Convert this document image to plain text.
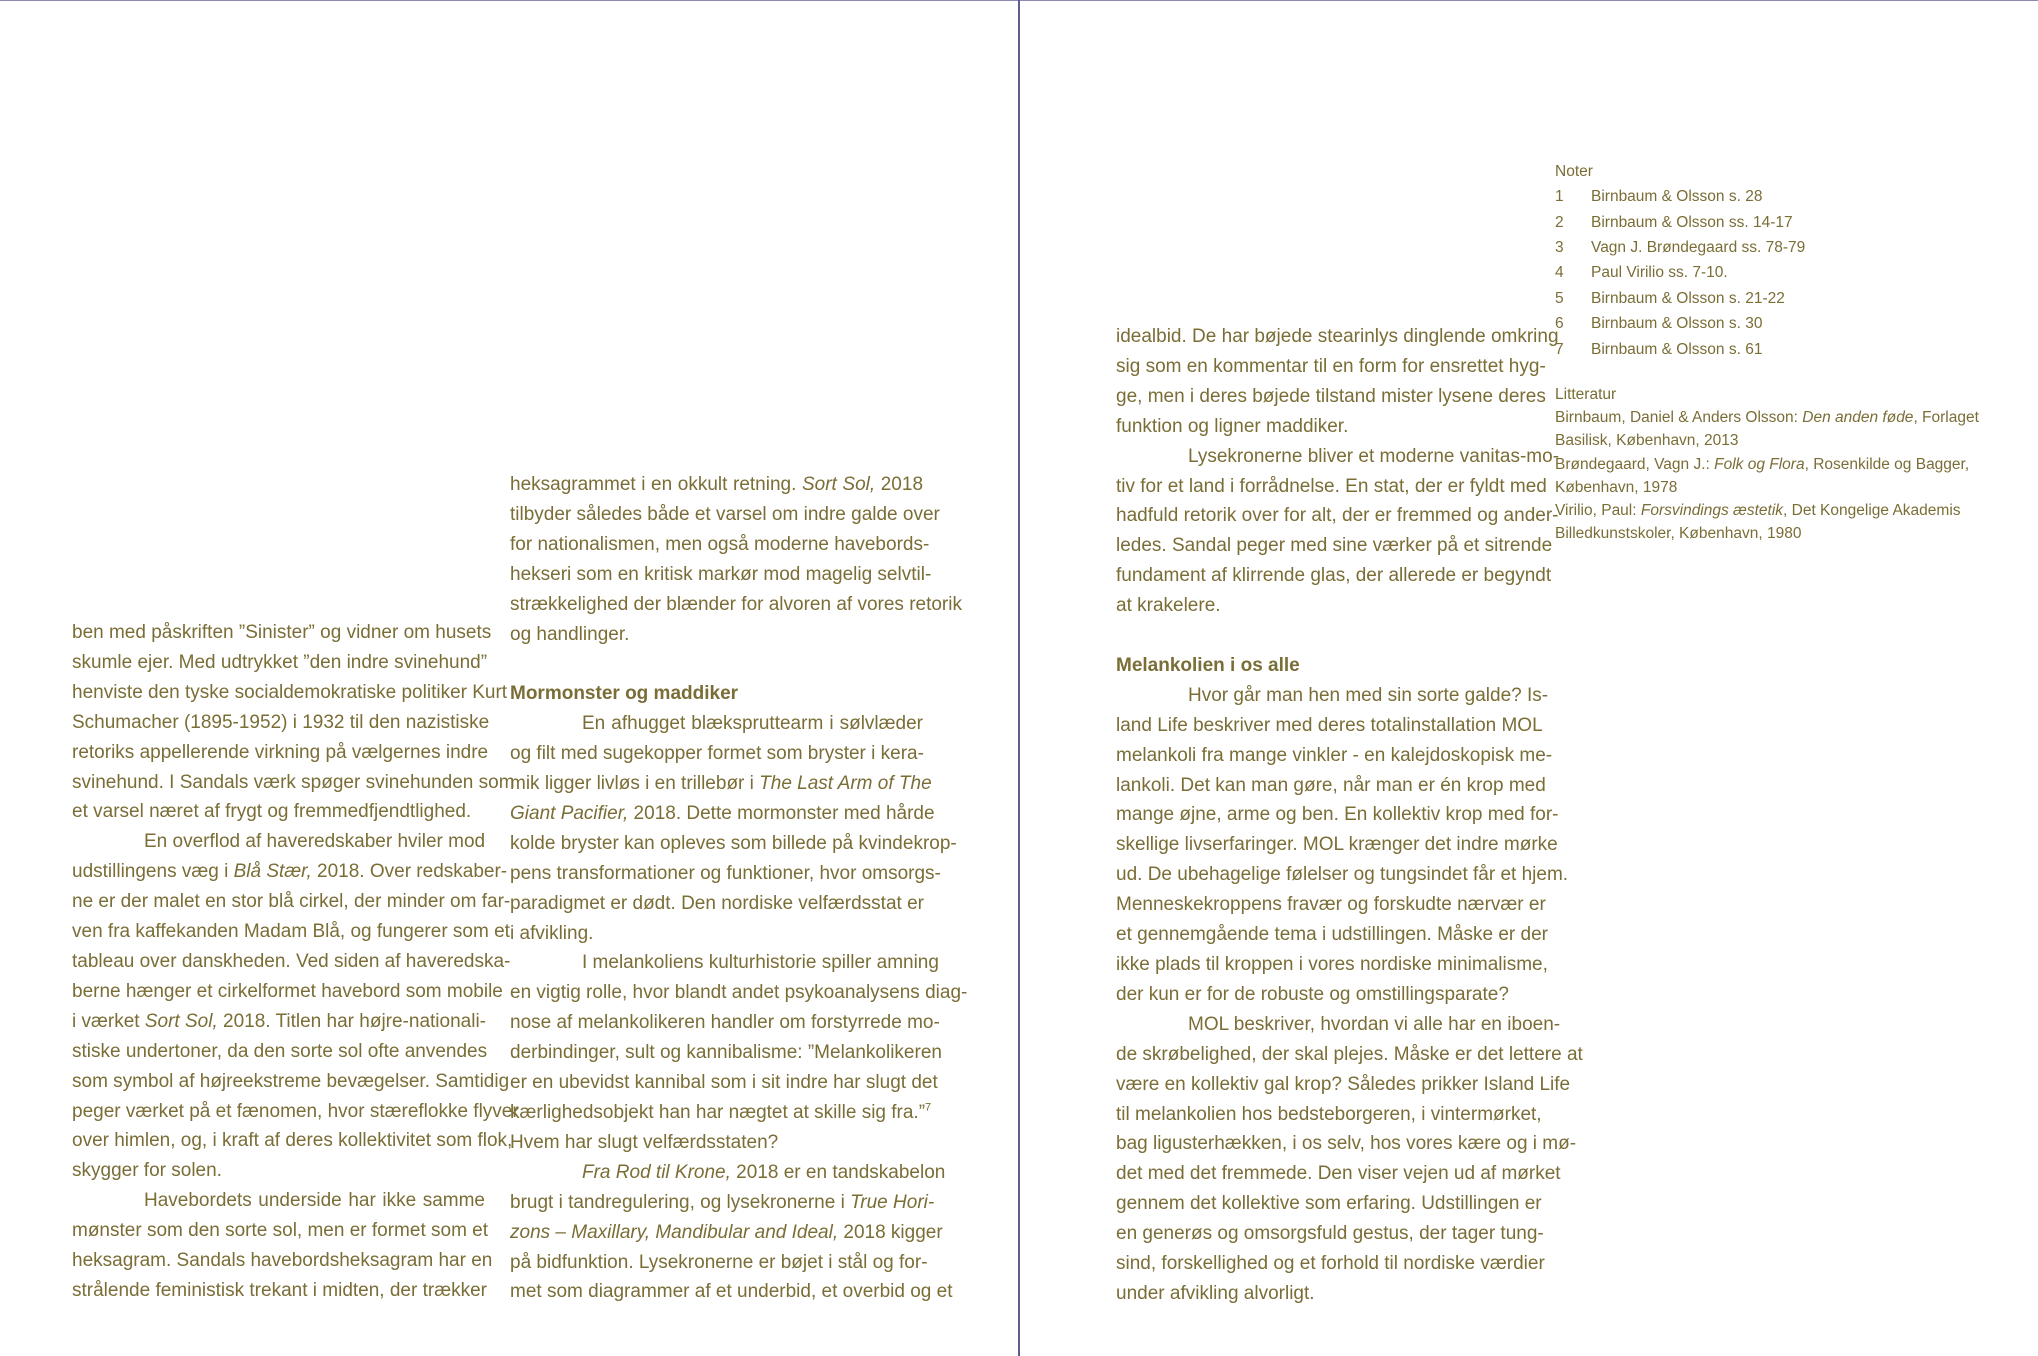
ben med påskriften ”Sinister” og vidner om husets

skumle ejer. Med udtrykket ”den indre svinehund”

henviste den tyske socialdemokratiske politiker Kurt

Schumacher (1895-1952) i 1932 til den nazistiske

retoriks appellerende virkning på vælgernes indre

svinehund. I Sandals værk spøger svinehunden som

et varsel næret af frygt og fremmedfjendtlighed.

En overflod af haveredskaber hviler mod

udstillingens væg i Blå Stær, 2018. Over redskaber-

ne er der malet en stor blå cirkel, der minder om far-

ven fra kaffekanden Madam Blå, og fungerer som et

tableau over danskheden. Ved siden af haveredska-

berne hænger et cirkelformet havebord som mobile

i værket Sort Sol, 2018. Titlen har højre-nationali-

stiske undertoner, da den sorte sol ofte anvendes

som symbol af højreekstreme bevægelser. Samtidig

peger værket på et fænomen, hvor stæreflokke flyver

over himlen, og, i kraft af deres kollektivitet som flok,

skygger for solen.

Havebordets underside har ikke samme

mønster som den sorte sol, men er formet som et

heksagram. Sandals havebordsheksagram har en

strålende feministisk trekant i midten, der trækker

heksagrammet i en okkult retning. Sort Sol, 2018

tilbyder således både et varsel om indre galde over

for nationalismen, men også moderne havebords-

hekseri som en kritisk markør mod magelig selvtil-

strækkelighed der blænder for alvoren af vores retorik

og handlinger.

Mormonster og maddiker

En afhugget blækspruttearm i sølvlæder

og filt med sugekopper formet som bryster i kera-

mik ligger livløs i en trillebør i The Last Arm of The

Giant Pacifier, 2018. Dette mormonster med hårde

kolde bryster kan opleves som billede på kvindekrop-

pens transformationer og funktioner, hvor omsorgs-

paradigmet er dødt. Den nordiske velfærdsstat er

i afvikling.

I melankoliens kulturhistorie spiller amning

en vigtig rolle, hvor blandt andet psykoanalysens diag-

nose af melankolikeren handler om forstyrrede mo-

derbindinger, sult og kannibalisme: ”Melankolikeren

er en ubevidst kannibal som i sit indre har slugt det

kærlighedsobjekt han har nægtet at skille sig fra.”$^7$

Hvem har slugt velfærdsstaten?

Fra Rod til Krone, 2018 er en tandskabelon

brugt i tandregulering, og lysekronerne i True Hori-

zons – Maxillary, Mandibular and Ideal, 2018 kigger

på bidfunktion. Lysekronerne er bøjet i stål og for-

met som diagrammer af et underbid, et overbid og et

idealbid. De har bøjede stearinlys dinglende omkring

sig som en kommentar til en form for ensrettet hyg-

ge, men i deres bøjede tilstand mister lysene deres

funktion og ligner maddiker.

Lysekronerne bliver et moderne vanitas-mo-

tiv for et land i forrådnelse. En stat, der er fyldt med

hadfuld retorik over for alt, der er fremmed og ander-

ledes. Sandal peger med sine værker på et sitrende

fundament af klirrende glas, der allerede er begyndt

at krakelere.

Melankolien i os alle

Hvor går man hen med sin sorte galde? Is-

land Life beskriver med deres totalinstallation MOL

melankoli fra mange vinkler - en kalejdoskopisk me-

lankoli. Det kan man gøre, når man er én krop med

mange øjne, arme og ben. En kollektiv krop med for-

skellige livserfaringer. MOL krænger det indre mørke

ud. De ubehagelige følelser og tungsindet får et hjem.

Menneskekroppens fravær og forskudte nærvær er

et gennemgående tema i udstillingen. Måske er der

ikke plads til kroppen i vores nordiske minimalisme,

der kun er for de robuste og omstillingsparate?

MOL beskriver, hvordan vi alle har en iboen-

de skrøbelighed, der skal plejes. Måske er det lettere at

være en kollektiv gal krop? Således prikker Island Life

til melankolien hos bedsteborgeren, i vintermørket,

bag ligusterhækken, i os selv, hos vores kære og i mø-

det med det fremmede. Den viser vejen ud af mørket

gennem det kollektive som erfaring. Udstillingen er

en generøs og omsorgsfuld gestus, der tager tung-

sind, forskellighed og et forhold til nordiske værdier

under afvikling alvorligt.

Noter

1	Birnbaum & Olsson s. 28
2	Birnbaum & Olsson ss. 14-17
3	Vagn J. Brøndegaard ss. 78-79
4	Paul Virilio ss. 7-10.
5	Birnbaum & Olsson s. 21-22
6	Birnbaum & Olsson s. 30
7	Birnbaum & Olsson s. 61

Litteratur

Birnbaum, Daniel & Anders Olsson: Den anden føde, Forlaget

Basilisk, København, 2013

Brøndegaard, Vagn J.: Folk og Flora, Rosenkilde og Bagger,

København, 1978

Virilio, Paul: Forsvindings æstetik, Det Kongelige Akademis

Billedkunstskoler, København, 1980
